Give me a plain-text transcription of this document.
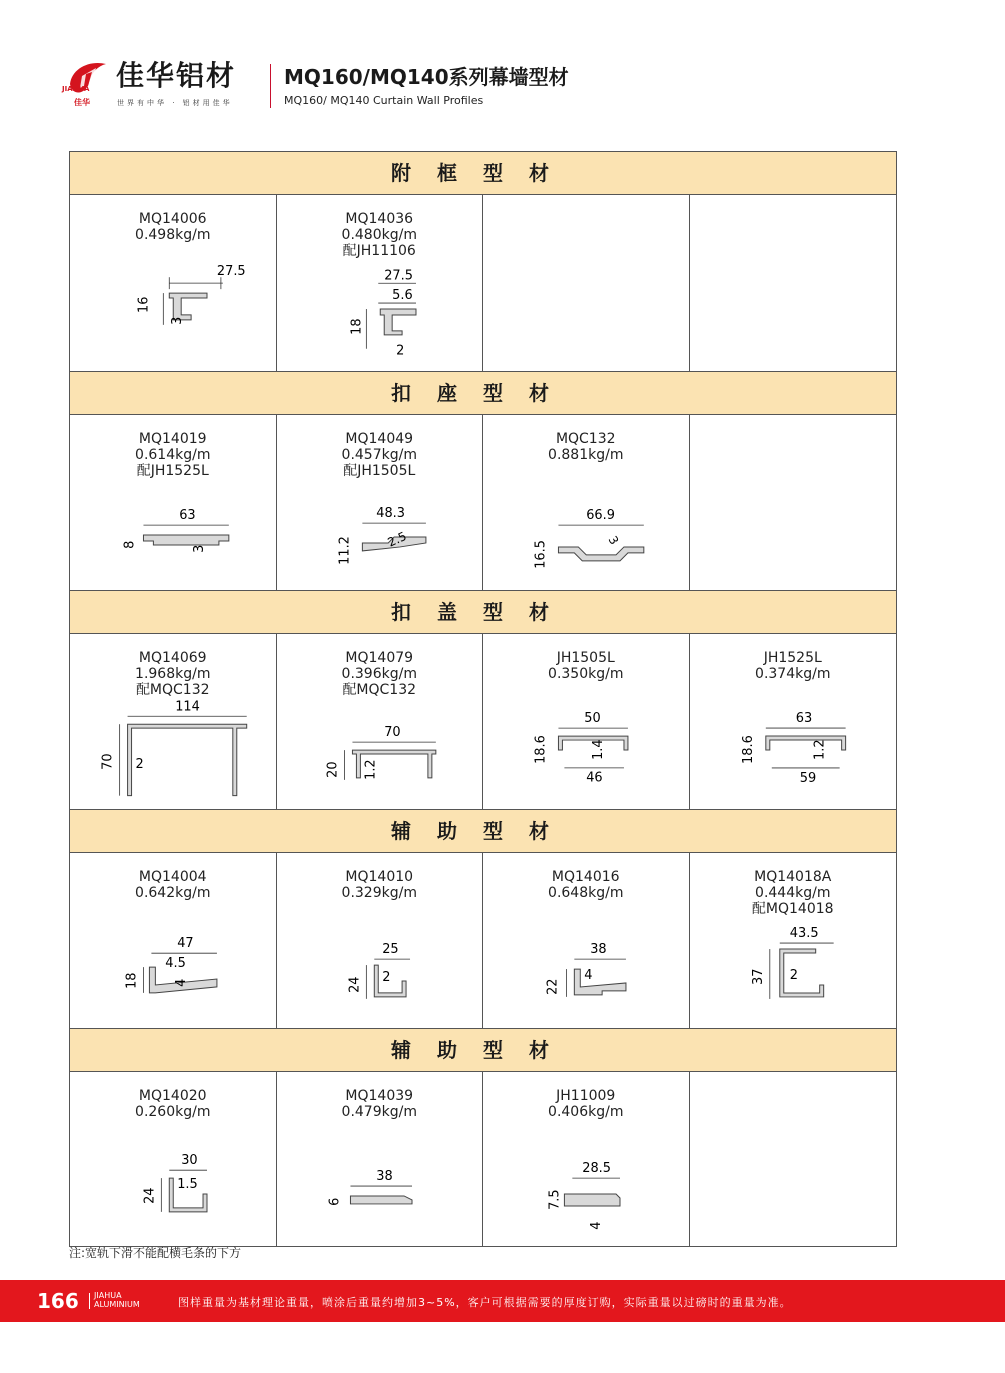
JIAHUA
佳华
佳华铝材
世界有中华 · 铝材用佳华
MQ160/MQ140系列幕墙型材
MQ160/ MQ140 Curtain Wall Profiles
附框型材
MQ14006
0.498kg/m
27.5
16
3
MQ14036
0.480kg/m
配JH11106
27.5
5.6
18
2
扣座型材
MQ14019
0.614kg/m
配JH1525L
63
8	3
MQ14049
0.457kg/m
配JH1505L
48.3
11.2	2.5
MQC132
0.881kg/m
66.9
16.5	3
扣盖型材
MQ14069
1.968kg/m
配MQC132
114
70 2
MQ14079
0.396kg/m
配MQC132
70
20 1.2
JH1505L
0.350kg/m
50
18.6	1.4
46
JH1525L
0.374kg/m
63
18.6	1.2
59
辅助型材
MQ14004
0.642kg/m
47
4.5
18	4
MQ14010
0.329kg/m
25
24 2
MQ14016
0.648kg/m
38
22
4
MQ14018A
0.444kg/m
配MQ14018
43.5
37 2
辅助型材
MQ14020
0.260kg/m
30
24
1.5
MQ14039
0.479kg/m
38
6
JH11009
0.406kg/m
28.5
7.5
4
注:宽轨下滑不能配横毛条的下方
166 JIAHUA
ALUMINIUM	图样重量为基材理论重量，喷涂后重量约增加3~5%，客户可根据需要的厚度订购，实际重量以过磅时的重量为准。
